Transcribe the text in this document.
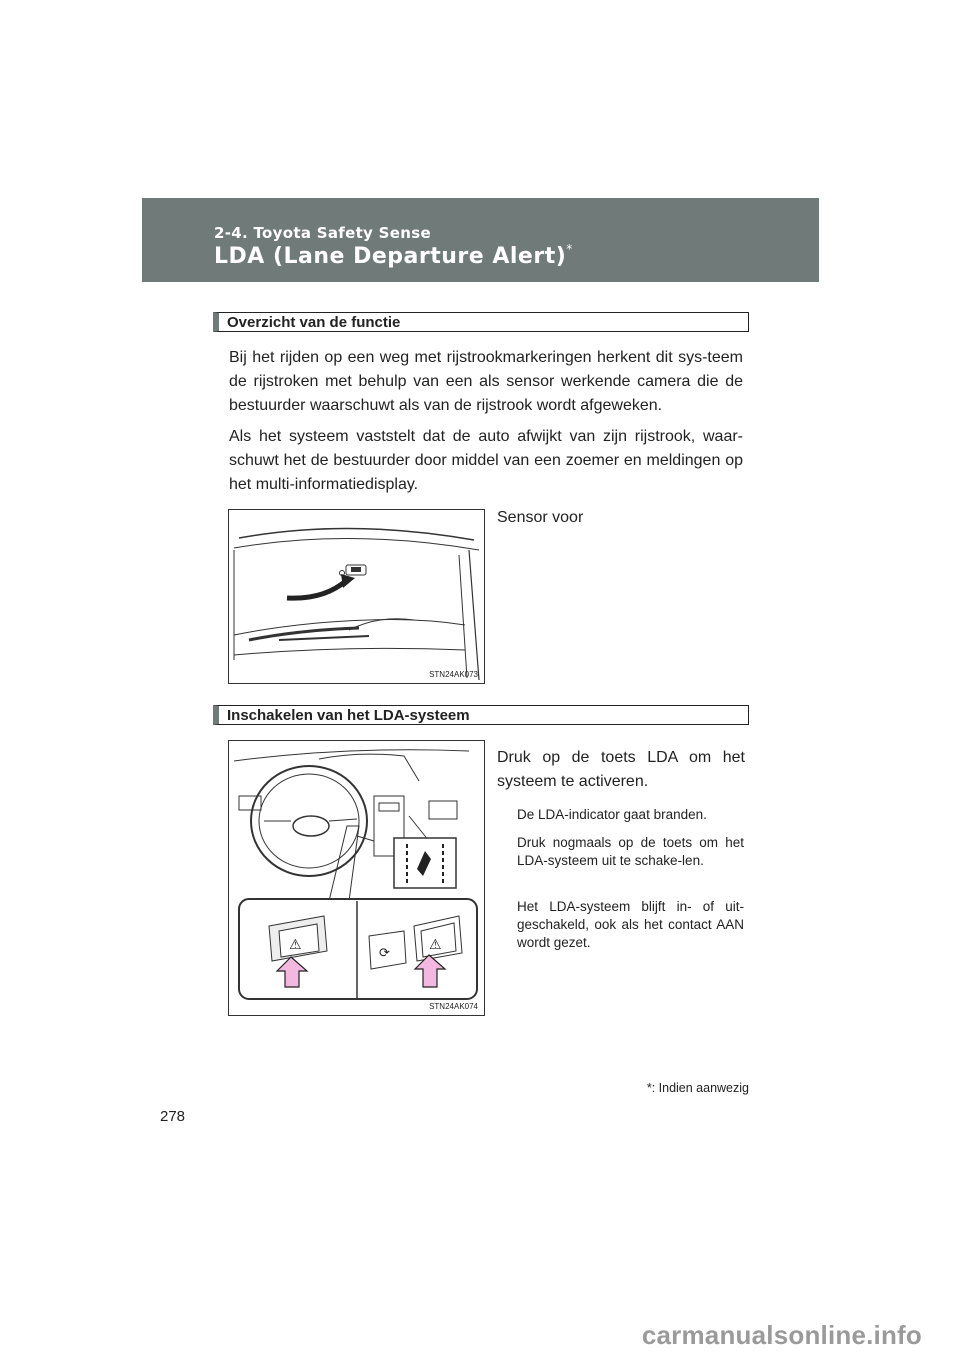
2-4. Toyota Safety Sense
LDA (Lane Departure Alert)*
Overzicht van de functie
Bij het rijden op een weg met rijstrookmarkeringen herkent dit sys-teem de rijstroken met behulp van een als sensor werkende camera die de bestuurder waarschuwt als van de rijstrook wordt afgeweken.
Als het systeem vaststelt dat de auto afwijkt van zijn rijstrook, waar-schuwt het de bestuurder door middel van een zoemer en meldingen op het multi-informatiedisplay.
STN24AK073
Sensor voor
Inschakelen van het LDA-systeem
⚠
⟳
⚠
STN24AK074
Druk op de toets LDA om het systeem te activeren.
De LDA-indicator gaat branden.
Druk nogmaals op de toets om het LDA-systeem uit te schake-len.
Het LDA-systeem blijft in- of uit-geschakeld, ook als het contact AAN wordt gezet.
*: Indien aanwezig
278
carmanualsonline.info
